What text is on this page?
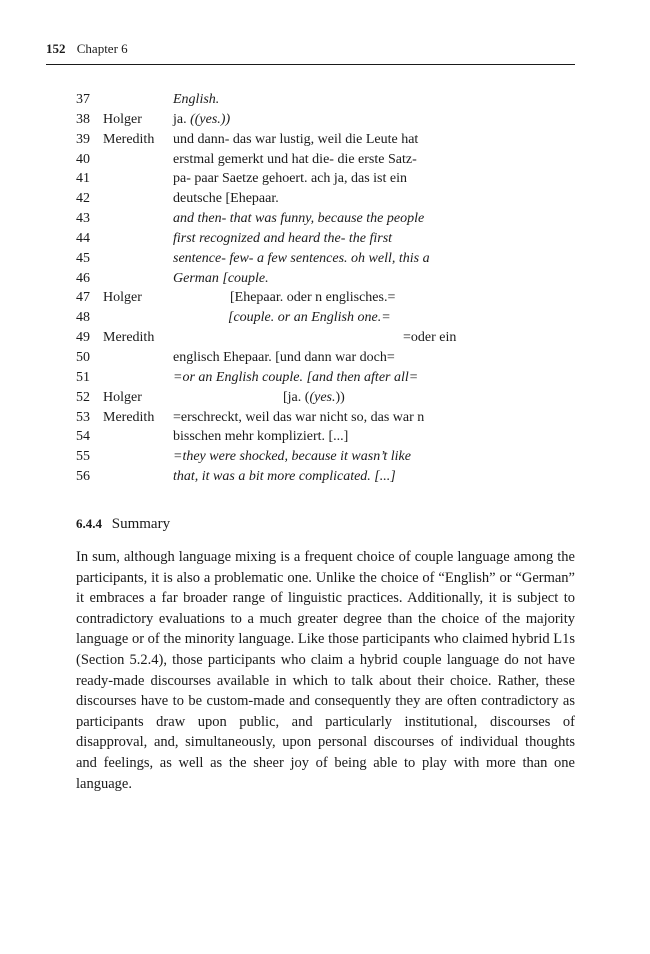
152 Chapter 6
37	English.
38 Holger ja. ((yes.))
39 Meredith und dann- das war lustig, weil die Leute hat
40	erstmal gemerkt und hat die- die erste Satz-
41	pa- paar Saetze gehoert. ach ja, das ist ein
42	deutsche [Ehepaar.
43	and then- that was funny, because the people
44	first recognized and heard the- the first
45	sentence- few- a few sentences. oh well, this a
46	German [couple.
47 Holger	[Ehepaar. oder n englisches.=
48	[couple. or an English one.=
49 Meredith	=oder ein
50	englisch Ehepaar. [und dann war doch=
51	=or an English couple. [and then after all=
52 Holger	[ja. ((yes.))
53 Meredith =erschreckt, weil das war nicht so, das war n
54	bisschen mehr kompliziert. [...]
55	=they were shocked, because it wasn’t like
56	that, it was a bit more complicated. [...]
6.4.4 Summary

In sum, although language mixing is a frequent choice of couple language among the participants, it is also a problematic one. Unlike the choice of “English” or “German” it embraces a far broader range of linguistic practices. Additionally, it is subject to contradictory evaluations to a much greater degree than the choice of the majority language or of the minority language. Like those participants who claimed hybrid L1s (Section 5.2.4), those participants who claim a hybrid couple language do not have ready-made discourses available in which to talk about their choice. Rather, these discourses have to be custom-made and consequently they are often contradictory as participants draw upon public, and particularly institutional, discourses of disapproval, and, simultaneously, upon personal discourses of individual thoughts and feelings, as well as the sheer joy of being able to play with more than one language.
